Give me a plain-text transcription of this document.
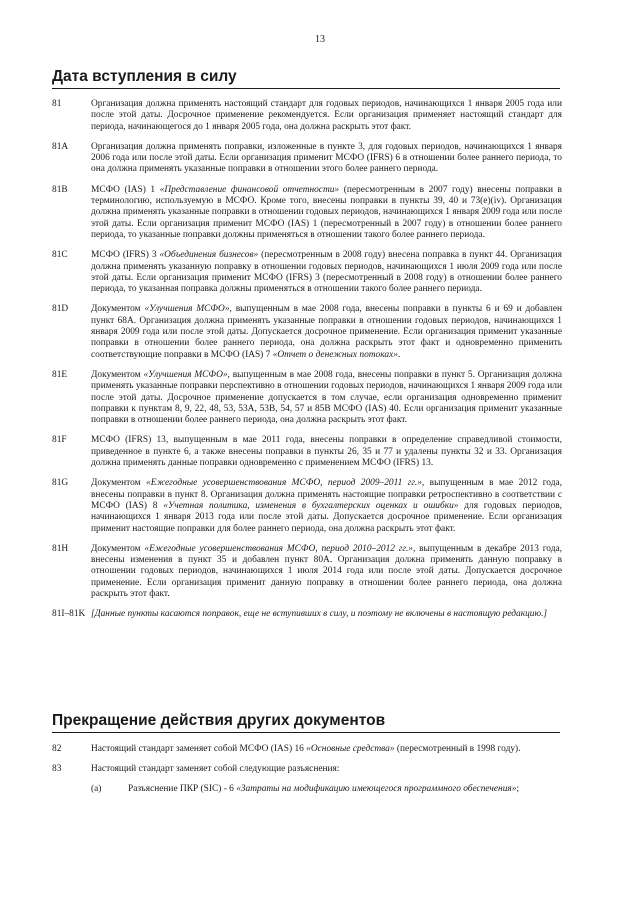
13
Дата вступления в силу
81	Организация должна применять настоящий стандарт для годовых периодов, начинающихся 1 января 2005 года или после этой даты. Досрочное применение рекомендуется. Если организация применяет настоящий стандарт для периода, начинающегося до 1 января 2005 года, она должна раскрыть этот факт.
81A	Организация должна применять поправки, изложенные в пункте 3, для годовых периодов, начинающихся 1 января 2006 года или после этой даты. Если организация применит МСФО (IFRS) 6 в отношении более раннего периода, то она должна применять указанные поправки в отношении этого более раннего периода.
81B	МСФО (IAS) 1 «Представление финансовой отчетности» (пересмотренным в 2007 году) внесены поправки в терминологию, используемую в МСФО. Кроме того, внесены поправки в пункты 39, 40 и 73(e)(iv). Организация должна применять указанные поправки в отношении годовых периодов, начинающихся 1 января 2009 года или после этой даты. Если организация применит МСФО (IAS) 1 (пересмотренный в 2007 году) в отношении более раннего периода, то указанные поправки должны применяться в отношении такого более раннего периода.
81C	МСФО (IFRS) 3 «Объединения бизнесов» (пересмотренным в 2008 году) внесена поправка в пункт 44. Организация должна применять указанную поправку в отношении годовых периодов, начинающихся 1 июля 2009 года или после этой даты. Если организация применит МСФО (IFRS) 3 (пересмотренный в 2008 году) в отношении более раннего периода, то указанная поправка должны применяться в отношении такого более раннего периода.
81D	Документом «Улучшения МСФО», выпущенным в мае 2008 года, внесены поправки в пункты 6 и 69 и добавлен пункт 68A. Организация должна применять указанные поправки в отношении годовых периодов, начинающихся 1 января 2009 года или после этой даты. Допускается досрочное применение. Если организация применит указанные поправки в отношении более раннего периода, она должна раскрыть этот факт и одновременно применить соответствующие поправки в МСФО (IAS) 7 «Отчет о денежных потоках».
81E	Документом «Улучшения МСФО», выпущенным в мае 2008 года, внесены поправки в пункт 5. Организация должна применять указанные поправки перспективно в отношении годовых периодов, начинающихся 1 января 2009 года или после этой даты. Досрочное применение допускается в том случае, если организация одновременно применит поправки к пунктам 8, 9, 22, 48, 53, 53A, 53B, 54, 57 и 85B МСФО (IAS) 40. Если организация применит указанные поправки в отношении более раннего периода, она должна раскрыть этот факт.
81F	МСФО (IFRS) 13, выпущенным в мае 2011 года, внесены поправки в определение справедливой стоимости, приведенное в пункте 6, а также внесены поправки в пункты 26, 35 и 77 и удалены пункты 32 и 33. Организация должна применять данные поправки одновременно с применением МСФО (IFRS) 13.
81G	Документом «Ежегодные усовершенствования МСФО, период 2009–2011 гг.», выпущенным в мае 2012 года, внесены поправки в пункт 8. Организация должна применять настоящие поправки ретроспективно в соответствии с МСФО (IAS) 8 «Учетная политика, изменения в бухгалтерских оценках и ошибки» для годовых периодов, начинающихся 1 января 2013 года или после этой даты. Допускается досрочное применение. Если организация применит настоящие поправки для более раннего периода, она должна раскрыть этот факт.
81H	Документом «Ежегодные усовершенствования МСФО, период 2010–2012 гг.», выпущенным в декабре 2013 года, внесены изменения в пункт 35 и добавлен пункт 80A. Организация должна применять данную поправку в отношении годовых периодов, начинающихся 1 июля 2014 года или после этой даты. Допускается досрочное применение. Если организация применит данную поправку в отношении более раннего периода, она должна раскрыть этот факт.
81I–81K [Данные пункты касаются поправок, еще не вступивших в силу, и поэтому не включены в настоящую редакцию.]
Прекращение действия других документов
82	Настоящий стандарт заменяет собой МСФО (IAS) 16 «Основные средства» (пересмотренный в 1998 году).
83	Настоящий стандарт заменяет собой следующие разъяснения:
(a)	Разъяснение ПКР (SIC) - 6 «Затраты на модификацию имеющегося программного обеспечения»;
